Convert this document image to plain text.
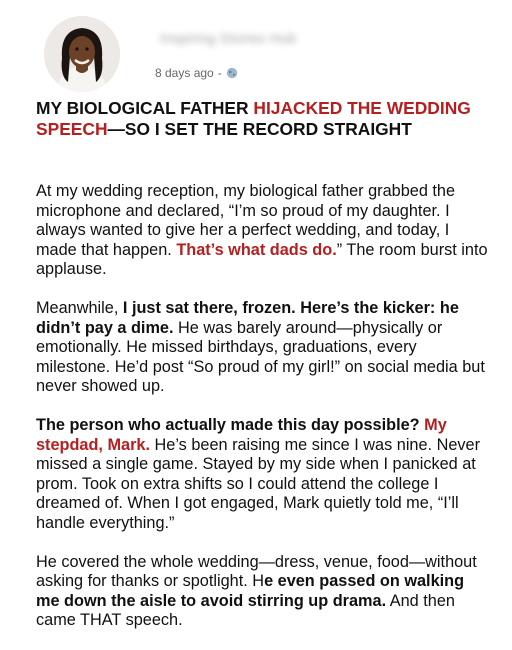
Inspiring Stories Hub
8 days ago -
MY BIOLOGICAL FATHER HIJACKED THE WEDDING SPEECH—SO I SET THE RECORD STRAIGHT

At my wedding reception, my biological father grabbed the microphone and declared, “I’m so proud of my daughter. I always wanted to give her a perfect wedding, and today, I made that happen. That’s what dads do.” The room burst into applause.

Meanwhile, I just sat there, frozen. Here’s the kicker: he didn’t pay a dime. He was barely around—physically or emotionally. He missed birthdays, graduations, every milestone. He’d post “So proud of my girl!” on social media but never showed up.

The person who actually made this day possible? My stepdad, Mark. He’s been raising me since I was nine. Never missed a single game. Stayed by my side when I panicked at prom. Took on extra shifts so I could attend the college I dreamed of. When I got engaged, Mark quietly told me, “I’ll handle everything.”

He covered the whole wedding—dress, venue, food—without asking for thanks or spotlight. He even passed on walking me down the aisle to avoid stirring up drama. And then came THAT speech.
